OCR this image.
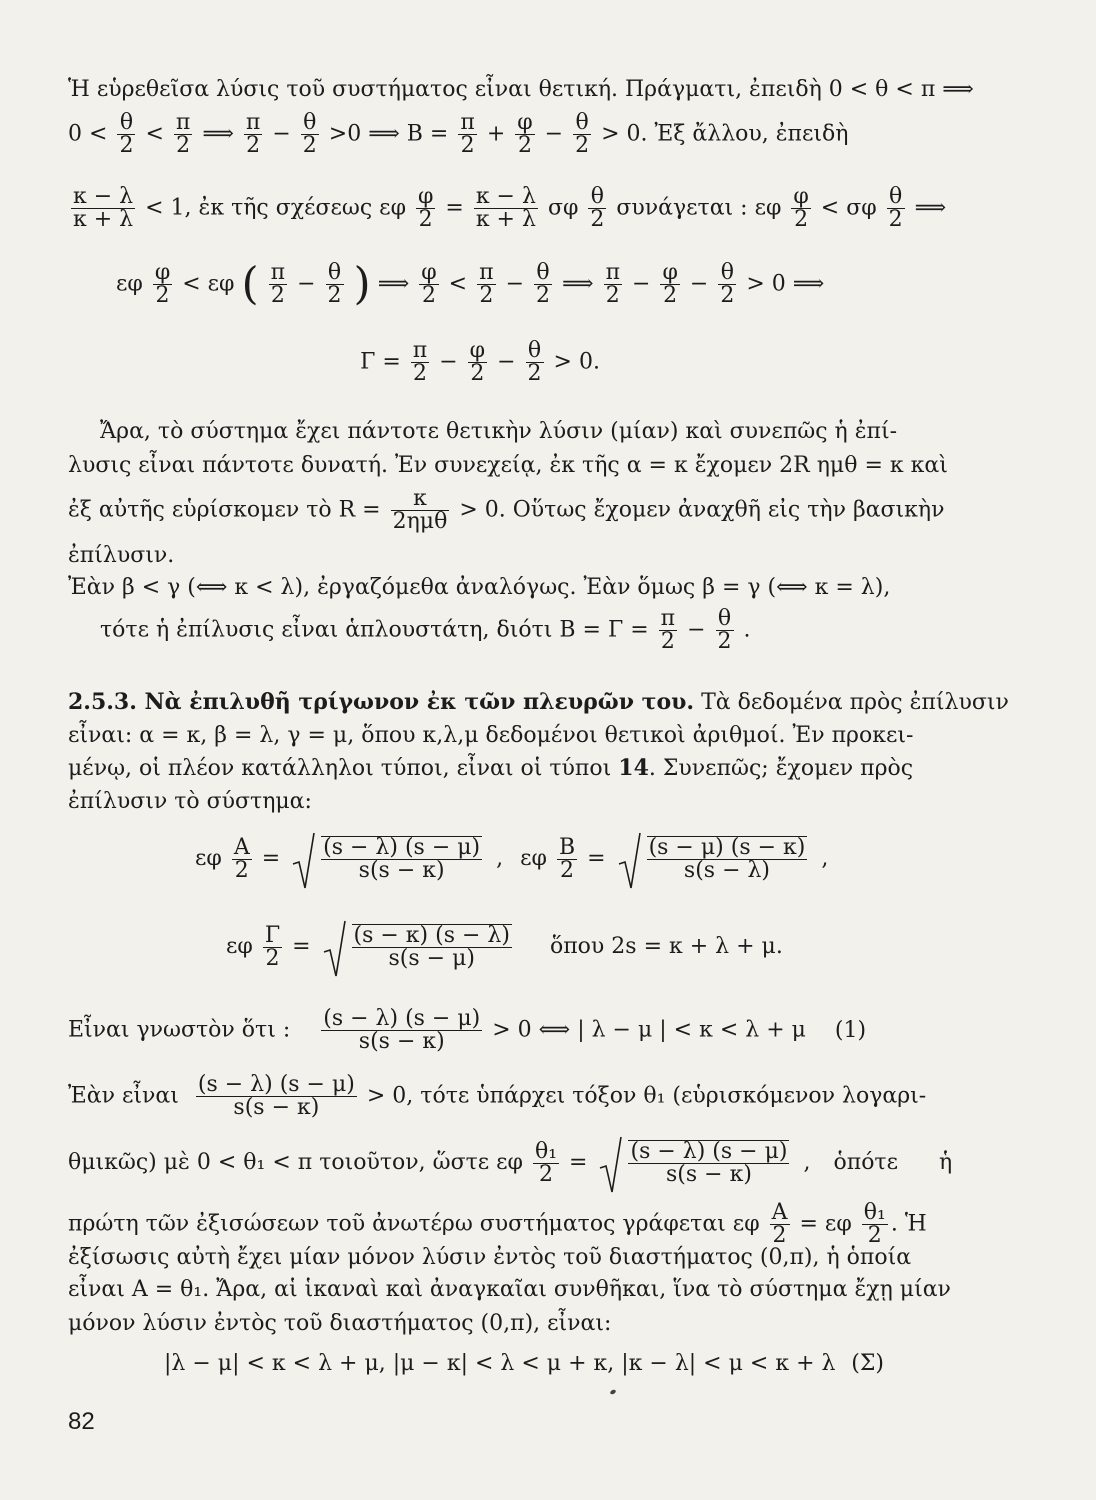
Ἡ εὑρεθεῖσα λύσις τοῦ συστήματος εἶναι θετική. Πράγματι, ἐπειδὴ 0 < θ < π ⟹
$0 < \frac{\theta}{2} < \frac{\pi}{2}$ ⟹ $\frac{\pi}{2} - \frac{\theta}{2} >0$ ⟹ $B = \frac{\pi}{2} + \frac{\varphi}{2} - \frac{\theta}{2} > 0$. Ἐξ ἄλλου, ἐπειδὴ
$\frac{\kappa - \lambda}{\kappa + \lambda} < 1$, ἐκ τῆς σχέσεως εφ $\frac{\varphi}{2} = \frac{\kappa - \lambda}{\kappa + \lambda}$ σφ $\frac{\theta}{2}$ συνάγεται : εφ $\frac{\varphi}{2} < \sigma\varphi \frac{\theta}{2}$ ⟹
εφ $\frac{\varphi}{2} < \varepsilon\varphi$ ( $\frac{\pi}{2} - \frac{\theta}{2}$ ) ⟹ $\frac{\varphi}{2} < \frac{\pi}{2} - \frac{\theta}{2}$ ⟹ $\frac{\pi}{2} - \frac{\varphi}{2} - \frac{\theta}{2} > 0$ ⟹
$\Gamma = \frac{\pi}{2} - \frac{\varphi}{2} - \frac{\theta}{2} > 0$.
Ἄρα, τὸ σύστημα ἔχει πάντοτε θετικὴν λύσιν (μίαν) καὶ συνεπῶς ἡ ἐπί-
λυσις εἶναι πάντοτε δυνατή. Ἐν συνεχείᾳ, ἐκ τῆς α = κ ἔχομεν 2R ημθ = κ καὶ
ἐξ αὐτῆς εὑρίσκομεν τὸ R =	κ
2ημθ > 0. Οὕτως ἔχομεν ἀναχθῆ εἰς τὴν βασικὴν
ἐπίλυσιν.
Ἐὰν β < γ (⟺ κ < λ), ἐργαζόμεθα ἀναλόγως. Ἐὰν ὅμως β = γ (⟺ κ = λ),
τότε ἡ ἐπίλυσις εἶναι ἁπλουστάτη, διότι $B = \Gamma = \frac{\pi}{2} - \frac{\theta}{2}$ .
2.5.3. Νὰ ἐπιλυθῆ τρίγωνον ἐκ τῶν πλευρῶν του. Τὰ δεδομένα πρὸς ἐπίλυσιν
εἶναι: α = κ, β = λ, γ = μ, ὅπου κ,λ,μ δεδομένοι θετικοὶ ἀριθμοί. Ἐν προκει-
μένῳ, οἱ πλέον κατάλληλοι τύποι, εἶναι οἱ τύποι 14. Συνεπῶς; ἔχομεν πρὸς
ἐπίλυσιν τὸ σύστημα:
εφ $\frac{A}{2} = \frac{(s - \lambda) (s - \mu)}{s(s - \kappa)}$ , εφ $\frac{B}{2} = \frac{(s - \mu) (s - \kappa)}{s(s - \lambda)}$ ,
εφ $\frac{\Gamma}{2} = \frac{(s - \kappa) (s - \lambda)}{s(s - \mu)}$ ὅπου 2s = κ + λ + μ.
Εἶναι γνωστὸν ὅτι : $\frac{(s - \lambda) (s - \mu)}{s(s - \kappa)} > 0$ ⟺ | λ − μ | < κ < λ + μ (1)
Ἐὰν εἶναι $\frac{(s - \lambda) (s - \mu)}{s(s - \kappa)} > 0$, τότε ὑπάρχει τόξον θ₁ (εὑρισκόμενον λογαρι-
θμικῶς) μὲ 0 < θ₁ < π τοιοῦτον, ὥστε εφ $\frac{\text{θ₁}}{2} = \frac{(s - \lambda) (s - \mu)}{s(s - \kappa)}$ , ὁπότε ἡ
πρώτη τῶν ἐξισώσεων τοῦ ἀνωτέρω συστήματος γράφεται εφ $\frac{A}{2} = \varepsilon\varphi \frac{\text{θ₁}}{2}$ . Ἡ
ἐξίσωσις αὐτὴ ἔχει μίαν μόνον λύσιν ἐντὸς τοῦ διαστήματος (0,π), ἡ ὁποία
εἶναι A = θ₁. Ἄρα, αἱ ἱκαναὶ καὶ ἀναγκαῖαι συνθῆκαι, ἵνα τὸ σύστημα ἔχῃ μίαν
μόνον λύσιν ἐντὸς τοῦ διαστήματος (0,π), εἶναι:
|λ − μ| < κ < λ + μ, |μ − κ| < λ < μ + κ, |κ − λ| < μ < κ + λ (Σ)
82
